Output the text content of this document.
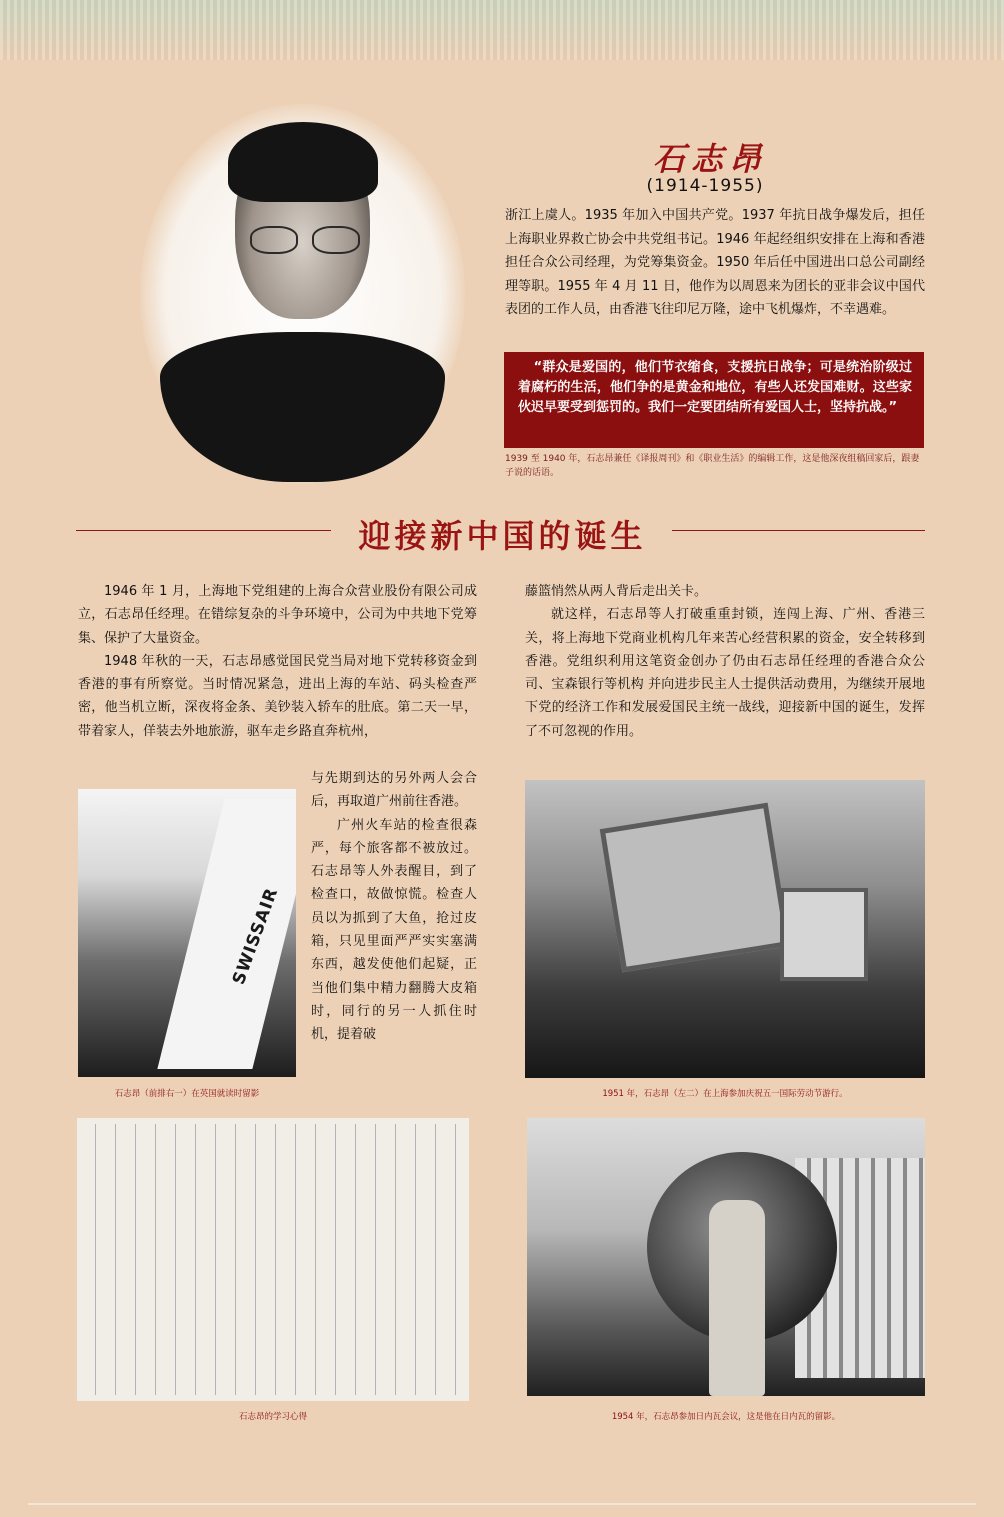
石志昂
(1914-1955)
浙江上虞人。1935 年加入中国共产党。1937 年抗日战争爆发后，担任上海职业界救亡协会中共党组书记。1946 年起经组织安排在上海和香港担任合众公司经理，为党筹集资金。1950 年后任中国进出口总公司副经理等职。1955 年 4 月 11 日，他作为以周恩来为团长的亚非会议中国代表团的工作人员，由香港飞往印尼万隆，途中飞机爆炸，不幸遇难。
“群众是爱国的，他们节衣缩食，支援抗日战争；可是统治阶级过着腐朽的生活，他们争的是黄金和地位，有些人还发国难财。这些家伙迟早要受到惩罚的。我们一定要团结所有爱国人士，坚持抗战。”
1939 至 1940 年，石志昂兼任《译报周刊》和《职业生活》的编辑工作，这是他深夜组稿回家后，跟妻子说的话语。
迎接新中国的诞生

1946 年 1 月，上海地下党组建的上海合众营业股份有限公司成立，石志昂任经理。在错综复杂的斗争环境中，公司为中共地下党筹集、保护了大量资金。

1948 年秋的一天，石志昂感觉国民党当局对地下党转移资金到香港的事有所察觉。当时情况紧急，进出上海的车站、码头检查严密，他当机立断，深夜将金条、美钞装入轿车的肚底。第二天一早，带着家人，佯装去外地旅游，驱车走乡路直奔杭州，

与先期到达的另外两人会合后，再取道广州前往香港。

广州火车站的检查很森严，每个旅客都不被放过。石志昂等人外表醒目，到了检查口，故做惊慌。检查人员以为抓到了大鱼，抢过皮箱，只见里面严严实实塞满东西，越发使他们起疑，正当他们集中精力翻腾大皮箱时，同行的另一人抓住时机，提着破

藤篮悄然从两人背后走出关卡。

就这样，石志昂等人打破重重封锁，连闯上海、广州、香港三关，将上海地下党商业机构几年来苦心经营积累的资金，安全转移到香港。党组织利用这笔资金创办了仍由石志昂任经理的香港合众公司、宝森银行等机构 并向进步民主人士提供活动费用，为继续开展地下党的经济工作和发展爱国民主统一战线，迎接新中国的诞生，发挥了不可忽视的作用。

SWISSAIR
石志昂（前排右一）在英国就读时留影	1951 年，石志昂（左二）在上海参加庆祝五一国际劳动节游行。
石志昂的学习心得	1954 年，石志昂参加日内瓦会议，这是他在日内瓦的留影。
